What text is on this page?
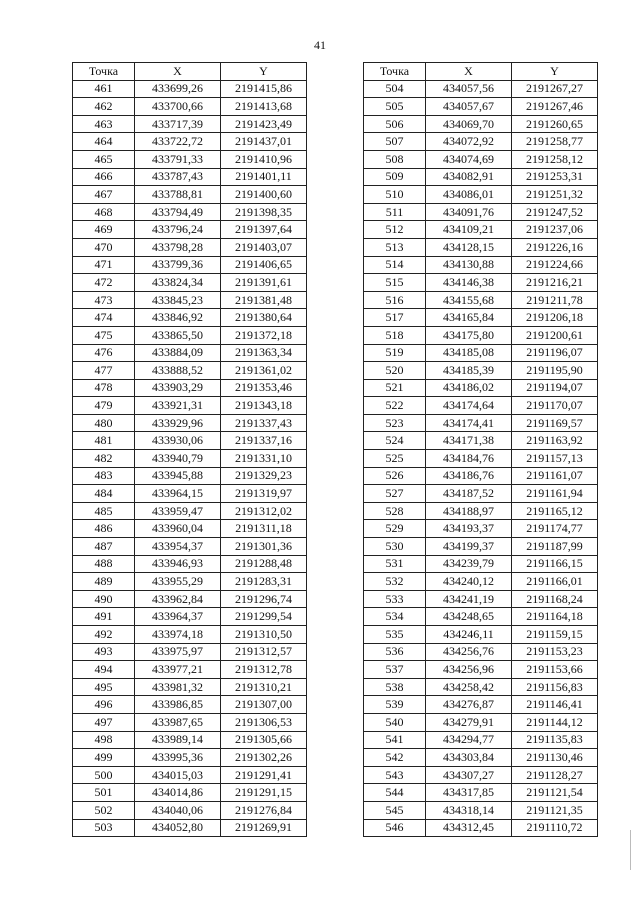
41
Точка	X	Y
461	433699,26	2191415,86
462	433700,66	2191413,68
463	433717,39	2191423,49
464	433722,72	2191437,01
465	433791,33	2191410,96
466	433787,43	2191401,11
467	433788,81	2191400,60
468	433794,49	2191398,35
469	433796,24	2191397,64
470	433798,28	2191403,07
471	433799,36	2191406,65
472	433824,34	2191391,61
473	433845,23	2191381,48
474	433846,92	2191380,64
475	433865,50	2191372,18
476	433884,09	2191363,34
477	433888,52	2191361,02
478	433903,29	2191353,46
479	433921,31	2191343,18
480	433929,96	2191337,43
481	433930,06	2191337,16
482	433940,79	2191331,10
483	433945,88	2191329,23
484	433964,15	2191319,97
485	433959,47	2191312,02
486	433960,04	2191311,18
487	433954,37	2191301,36
488	433946,93	2191288,48
489	433955,29	2191283,31
490	433962,84	2191296,74
491	433964,37	2191299,54
492	433974,18	2191310,50
493	433975,97	2191312,57
494	433977,21	2191312,78
495	433981,32	2191310,21
496	433986,85	2191307,00
497	433987,65	2191306,53
498	433989,14	2191305,66
499	433995,36	2191302,26
500	434015,03	2191291,41
501	434014,86	2191291,15
502	434040,06	2191276,84
503	434052,80	2191269,91
Точка	X	Y
504	434057,56	2191267,27
505	434057,67	2191267,46
506	434069,70	2191260,65
507	434072,92	2191258,77
508	434074,69	2191258,12
509	434082,91	2191253,31
510	434086,01	2191251,32
511	434091,76	2191247,52
512	434109,21	2191237,06
513	434128,15	2191226,16
514	434130,88	2191224,66
515	434146,38	2191216,21
516	434155,68	2191211,78
517	434165,84	2191206,18
518	434175,80	2191200,61
519	434185,08	2191196,07
520	434185,39	2191195,90
521	434186,02	2191194,07
522	434174,64	2191170,07
523	434174,41	2191169,57
524	434171,38	2191163,92
525	434184,76	2191157,13
526	434186,76	2191161,07
527	434187,52	2191161,94
528	434188,97	2191165,12
529	434193,37	2191174,77
530	434199,37	2191187,99
531	434239,79	2191166,15
532	434240,12	2191166,01
533	434241,19	2191168,24
534	434248,65	2191164,18
535	434246,11	2191159,15
536	434256,76	2191153,23
537	434256,96	2191153,66
538	434258,42	2191156,83
539	434276,87	2191146,41
540	434279,91	2191144,12
541	434294,77	2191135,83
542	434303,84	2191130,46
543	434307,27	2191128,27
544	434317,85	2191121,54
545	434318,14	2191121,35
546	434312,45	2191110,72
